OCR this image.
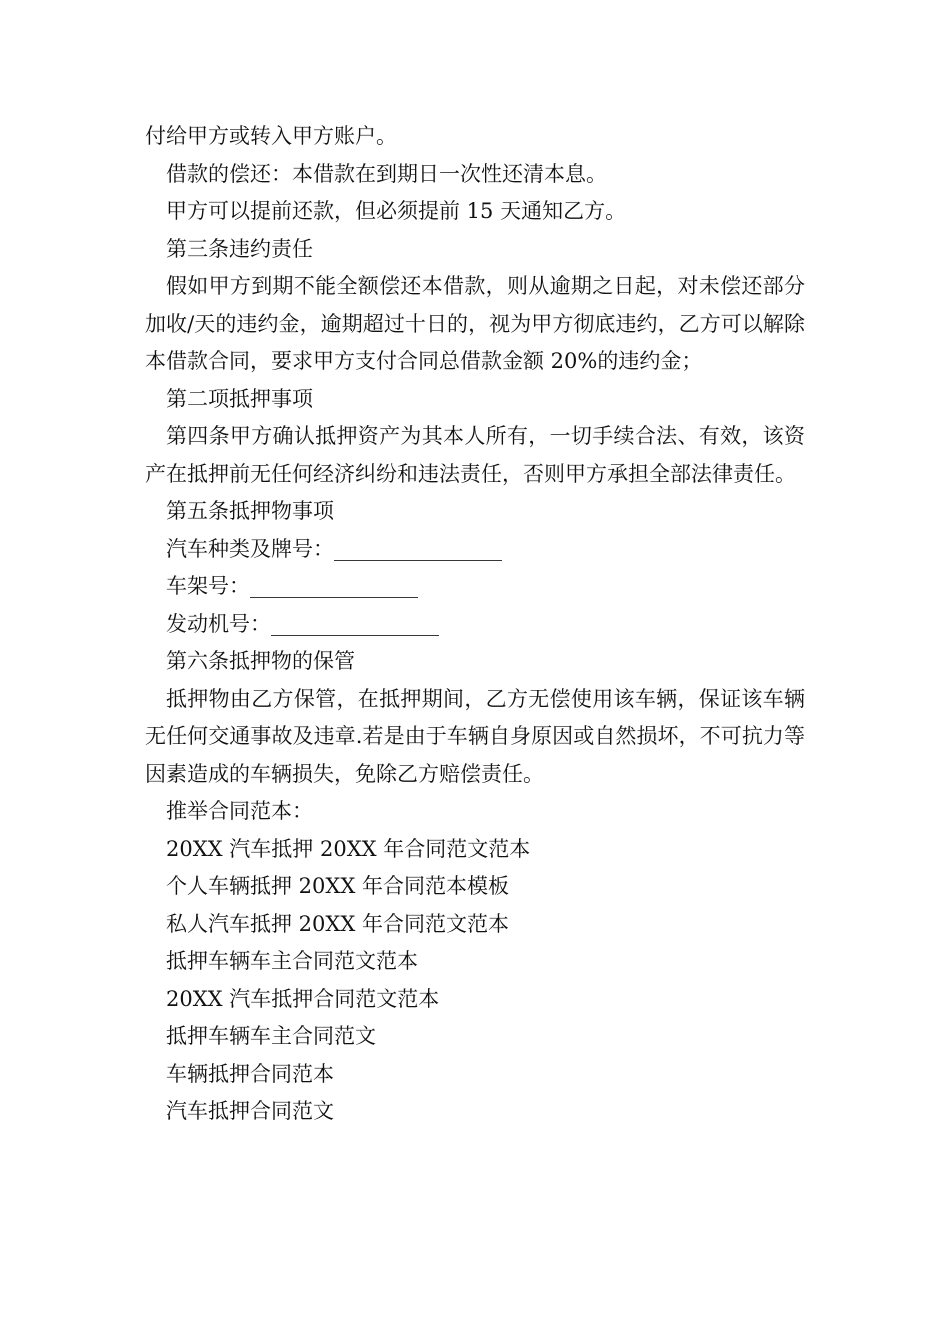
付给甲方或转入甲方账户。

借款的偿还：本借款在到期日一次性还清本息。

甲方可以提前还款，但必须提前 15 天通知乙方。

第三条违约责任

假如甲方到期不能全额偿还本借款，则从逾期之日起，对未偿还部分加收/天的违约金，逾期超过十日的，视为甲方彻底违约，乙方可以解除本借款合同，要求甲方支付合同总借款金额 20%的违约金；

第二项抵押事项

第四条甲方确认抵押资产为其本人所有，一切手续合法、有效，该资产在抵押前无任何经济纠纷和违法责任，否则甲方承担全部法律责任。

第五条抵押物事项

汽车种类及牌号：________________

车架号：________________

发动机号：________________

第六条抵押物的保管

抵押物由乙方保管，在抵押期间，乙方无偿使用该车辆，保证该车辆无任何交通事故及违章.若是由于车辆自身原因或自然损坏，不可抗力等因素造成的车辆损失，免除乙方赔偿责任。

推举合同范本：

20XX 汽车抵押 20XX 年合同范文范本

个人车辆抵押 20XX 年合同范本模板

私人汽车抵押 20XX 年合同范文范本

抵押车辆车主合同范文范本

20XX 汽车抵押合同范文范本

抵押车辆车主合同范文

车辆抵押合同范本

汽车抵押合同范文
